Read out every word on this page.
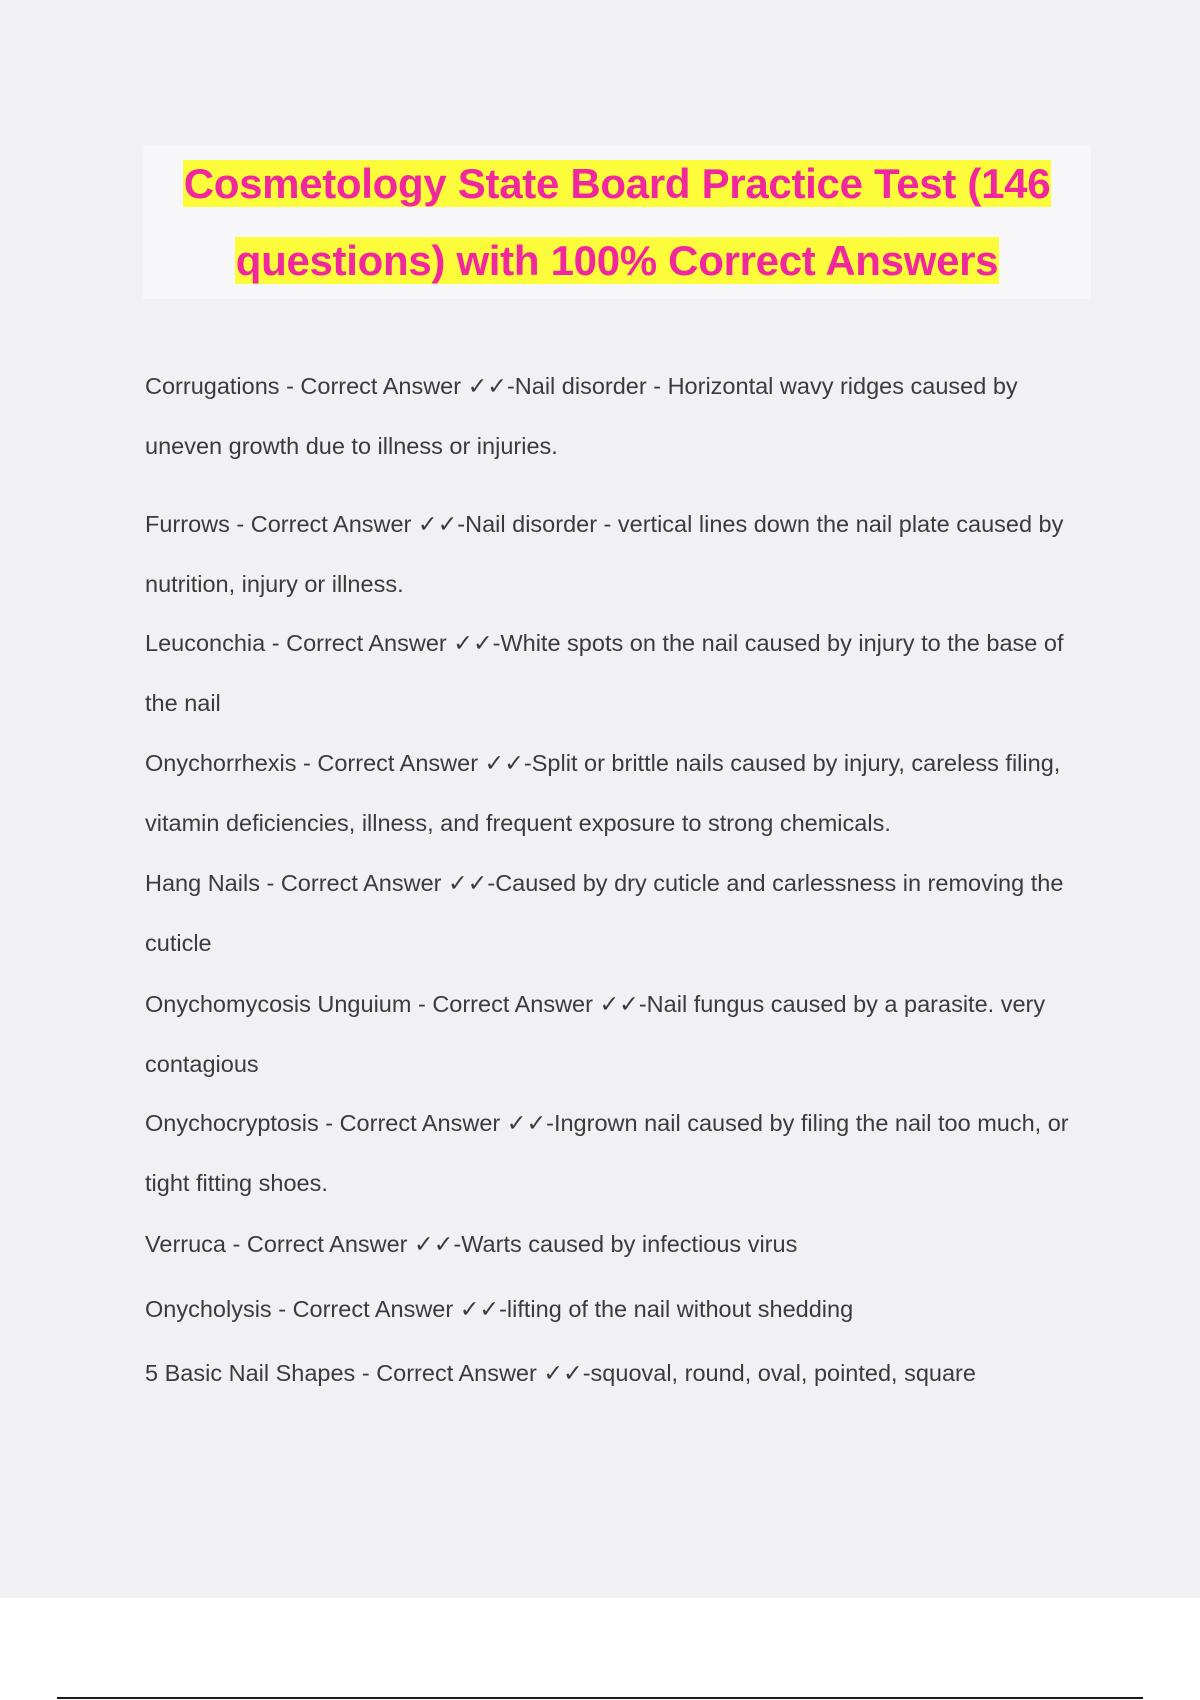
Cosmetology State Board Practice Test (146 questions) with 100% Correct Answers
Corrugations - Correct Answer ✓✓-Nail disorder - Horizontal wavy ridges caused by uneven growth due to illness or injuries.
Furrows - Correct Answer ✓✓-Nail disorder - vertical lines down the nail plate caused by nutrition, injury or illness.
Leuconchia - Correct Answer ✓✓-White spots on the nail caused by injury to the base of the nail
Onychorrhexis - Correct Answer ✓✓-Split or brittle nails caused by injury, careless filing, vitamin deficiencies, illness, and frequent exposure to strong chemicals.
Hang Nails - Correct Answer ✓✓-Caused by dry cuticle and carlessness in removing the cuticle
Onychomycosis Unguium - Correct Answer ✓✓-Nail fungus caused by a parasite. very contagious
Onychocryptosis - Correct Answer ✓✓-Ingrown nail caused by filing the nail too much, or tight fitting shoes.
Verruca - Correct Answer ✓✓-Warts caused by infectious virus
Onycholysis - Correct Answer ✓✓-lifting of the nail without shedding
5 Basic Nail Shapes - Correct Answer ✓✓-squoval, round, oval, pointed, square
